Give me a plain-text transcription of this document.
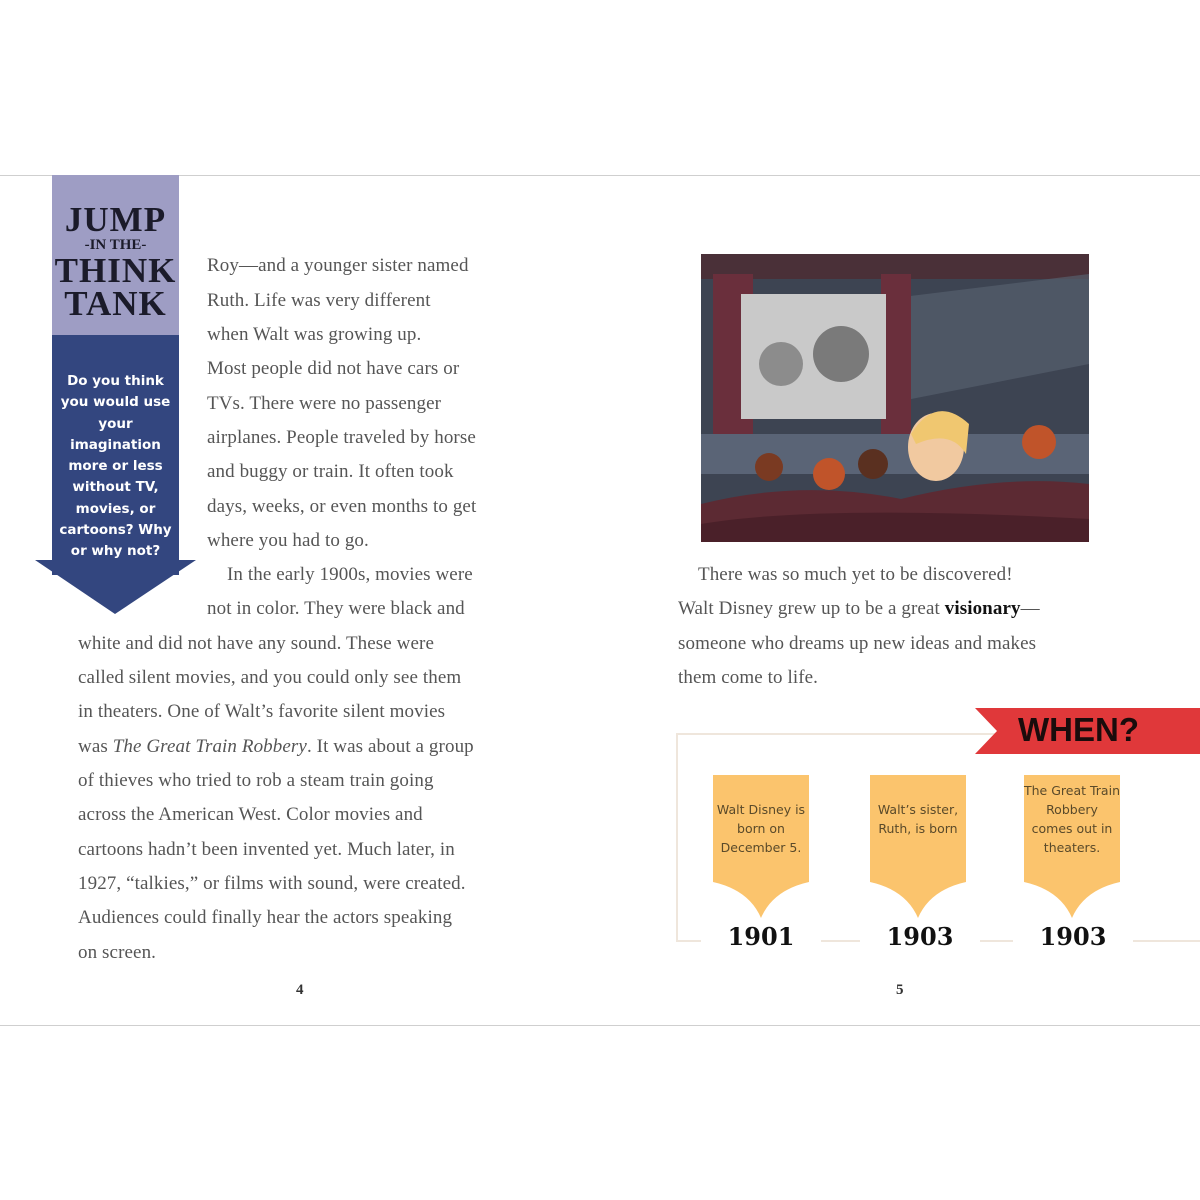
JUMP
-IN THE-
THINK
TANK

Do you think you would use your imagination more or less without TV, movies, or cartoons? Why or why not?

Roy—and a younger sister named
Ruth. Life was very different
when Walt was growing up.
Most people did not have cars or
TVs. There were no passenger
airplanes. People traveled by horse
and buggy or train. It often took
days, weeks, or even months to get
where you had to go.
In the early 1900s, movies were
not in color. They were black and
white and did not have any sound. These were
called silent movies, and you could only see them
in theaters. One of Walt’s favorite silent movies
was The Great Train Robbery. It was about a group
of thieves who tried to rob a steam train going
across the American West. Color movies and
cartoons hadn’t been invented yet. Much later, in
1927, “talkies,” or films with sound, were created.
Audiences could finally hear the actors speaking
on screen.
4
There was so much yet to be discovered!
Walt Disney grew up to be a great visionary—
someone who dreams up new ideas and makes
them come to life.
WHEN?

Walt Disney is born on December 5.

Walt’s sister, Ruth, is born

The Great Train Robbery comes out in theaters.

1901	1903	1903
5
